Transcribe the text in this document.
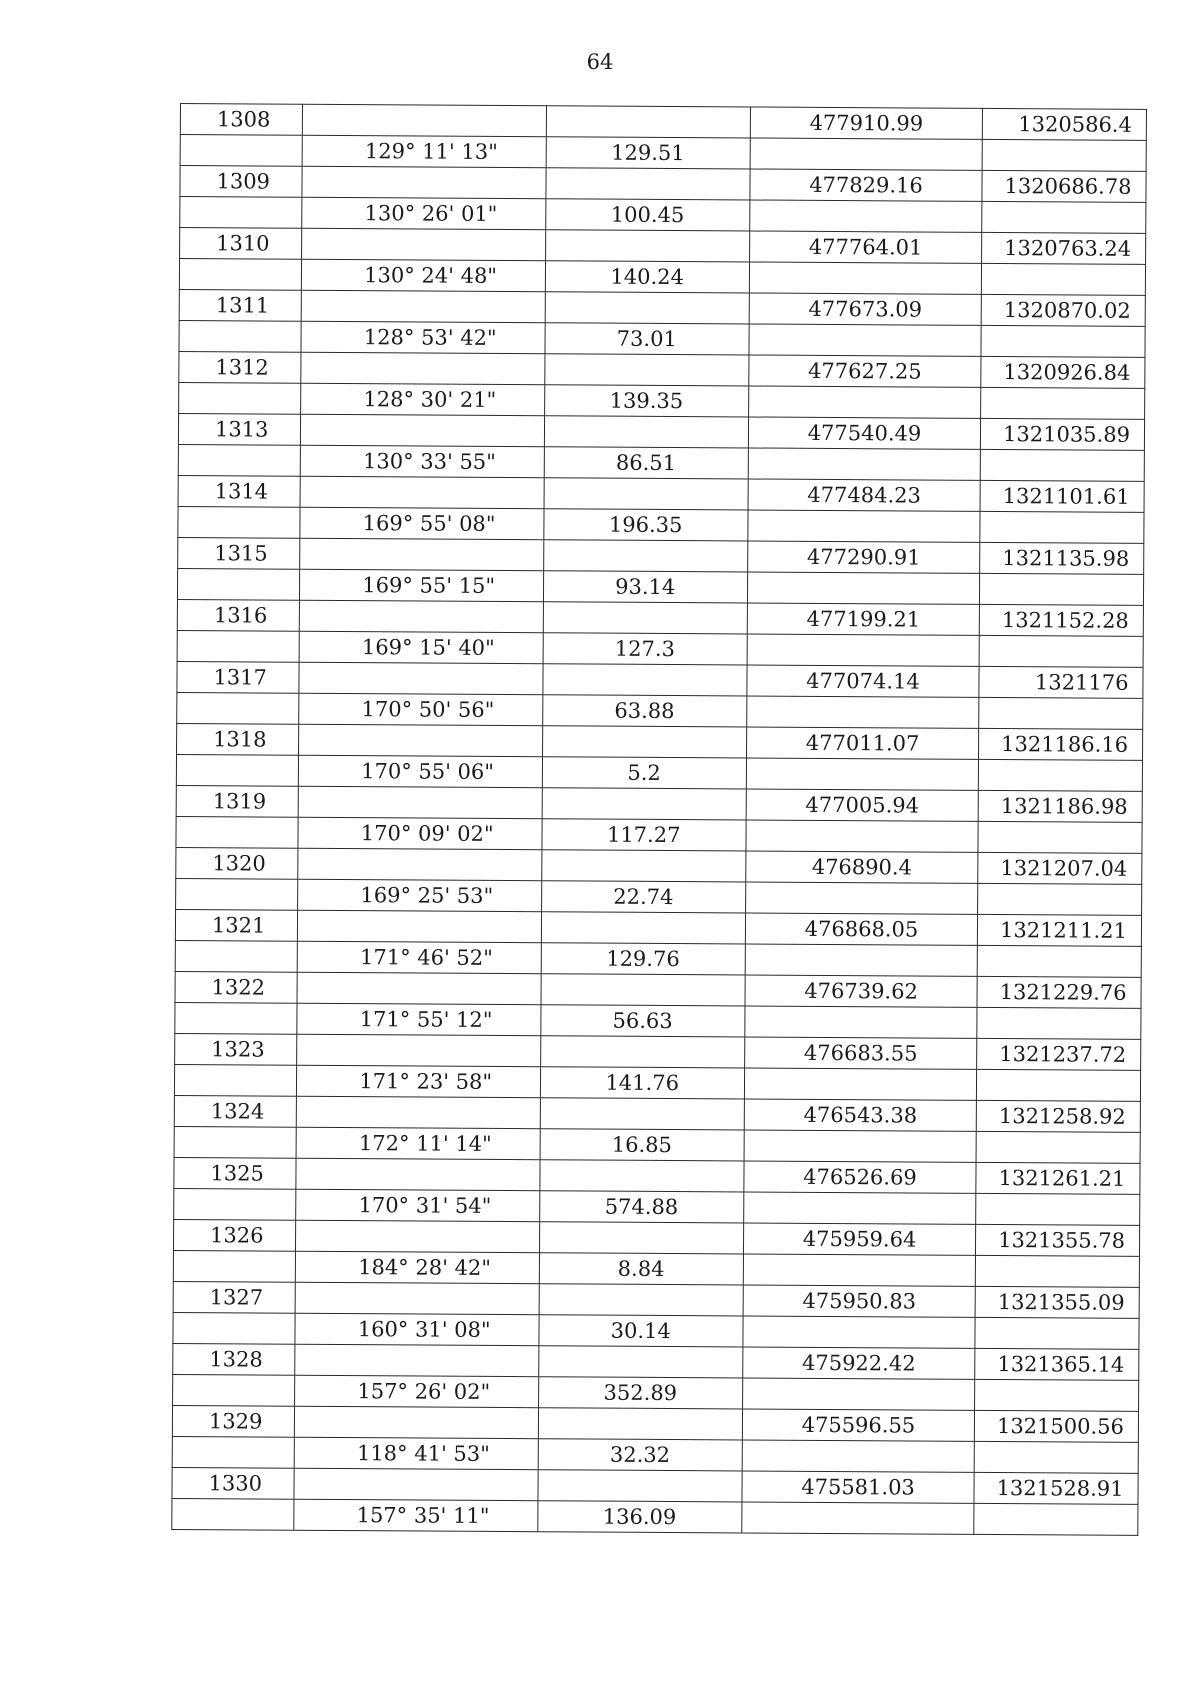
64
1308			477910.99	1320586.4
	129° 11' 13"	129.51		
1309			477829.16	1320686.78
	130° 26' 01"	100.45		
1310			477764.01	1320763.24
	130° 24' 48"	140.24		
1311			477673.09	1320870.02
	128° 53' 42"	73.01		
1312			477627.25	1320926.84
	128° 30' 21"	139.35		
1313			477540.49	1321035.89
	130° 33' 55"	86.51		
1314			477484.23	1321101.61
	169° 55' 08"	196.35		
1315			477290.91	1321135.98
	169° 55' 15"	93.14		
1316			477199.21	1321152.28
	169° 15' 40"	127.3		
1317			477074.14	1321176
	170° 50' 56"	63.88		
1318			477011.07	1321186.16
	170° 55' 06"	5.2		
1319			477005.94	1321186.98
	170° 09' 02"	117.27		
1320			476890.4	1321207.04
	169° 25' 53"	22.74		
1321			476868.05	1321211.21
	171° 46' 52"	129.76		
1322			476739.62	1321229.76
	171° 55' 12"	56.63		
1323			476683.55	1321237.72
	171° 23' 58"	141.76		
1324			476543.38	1321258.92
	172° 11' 14"	16.85		
1325			476526.69	1321261.21
	170° 31' 54"	574.88		
1326			475959.64	1321355.78
	184° 28' 42"	8.84		
1327			475950.83	1321355.09
	160° 31' 08"	30.14		
1328			475922.42	1321365.14
	157° 26' 02"	352.89		
1329			475596.55	1321500.56
	118° 41' 53"	32.32		
1330			475581.03	1321528.91
	157° 35' 11"	136.09		
